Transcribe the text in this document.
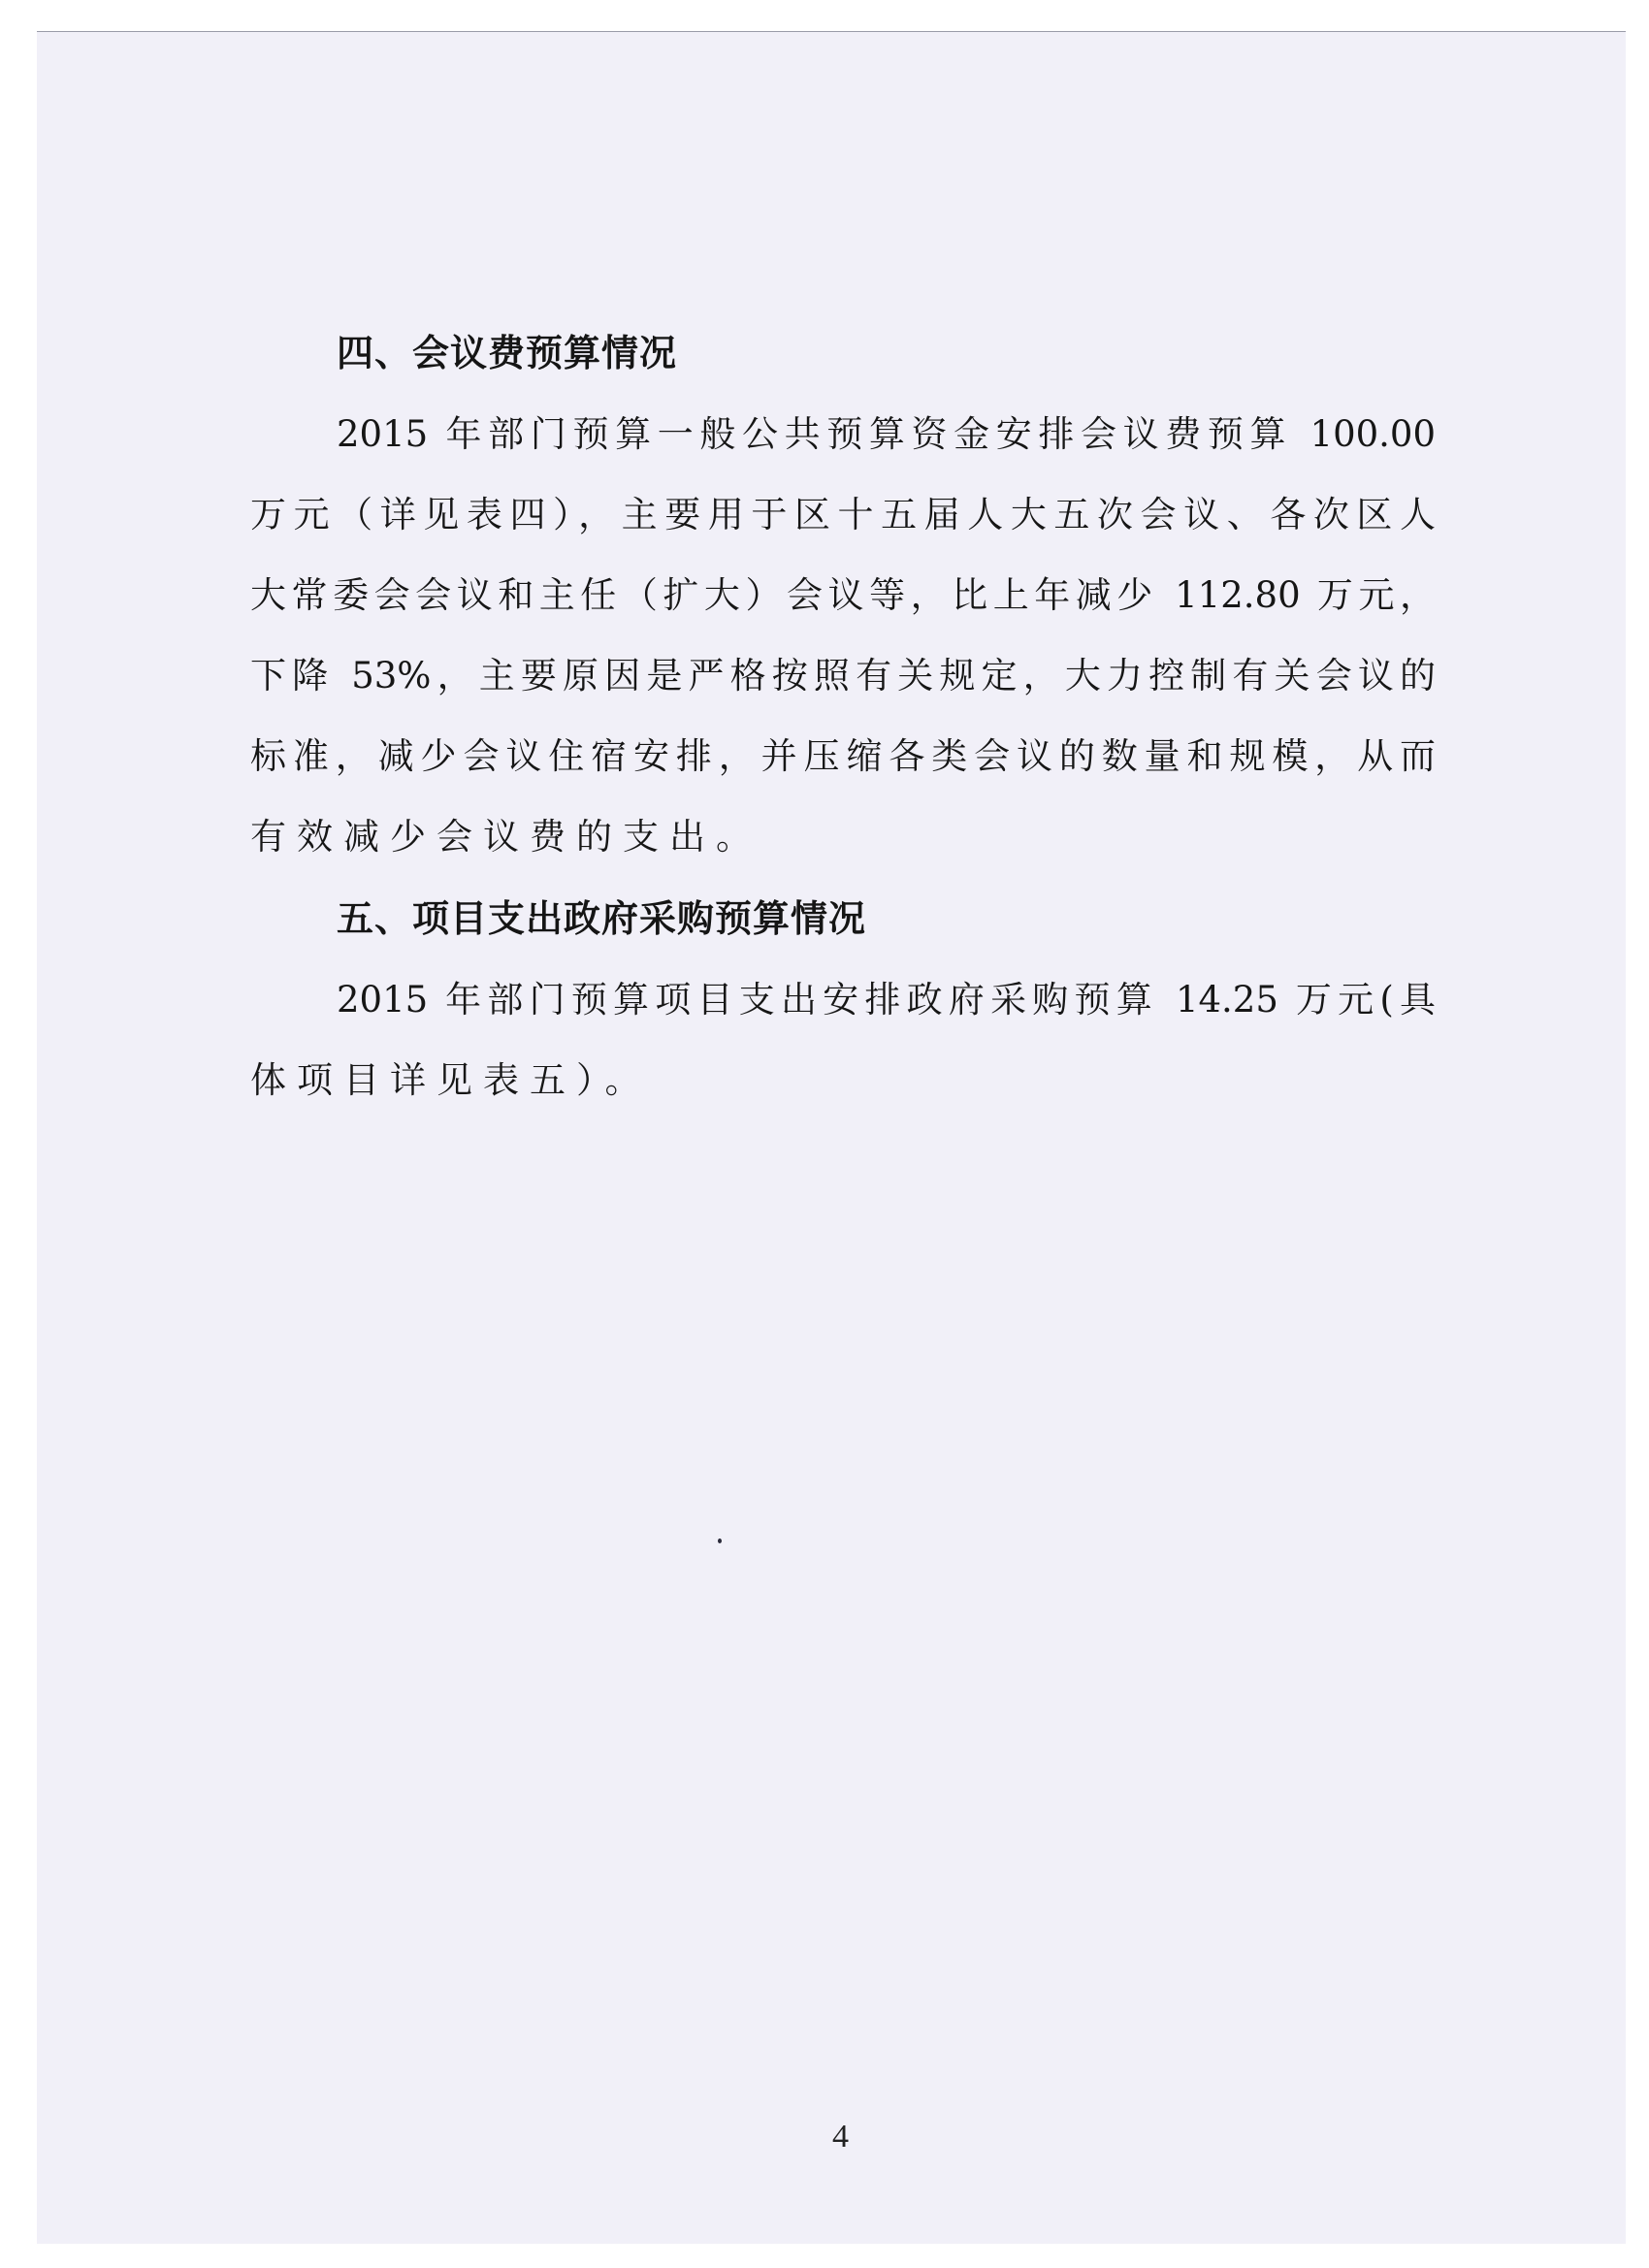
四、会议费预算情况
2015 年部门预算一般公共预算资金安排会议费预算 100.00
万元（详见表四），主要用于区十五届人大五次会议、各次区人
大常委会会议和主任（扩大）会议等，比上年减少 112.80 万元，
下降 53%，主要原因是严格按照有关规定，大力控制有关会议的
标准，减少会议住宿安排，并压缩各类会议的数量和规模，从而
有效减少会议费的支出。
五、项目支出政府采购预算情况
2015 年部门预算项目支出安排政府采购预算 14.25 万元(具
体项目详见表五）。
4
